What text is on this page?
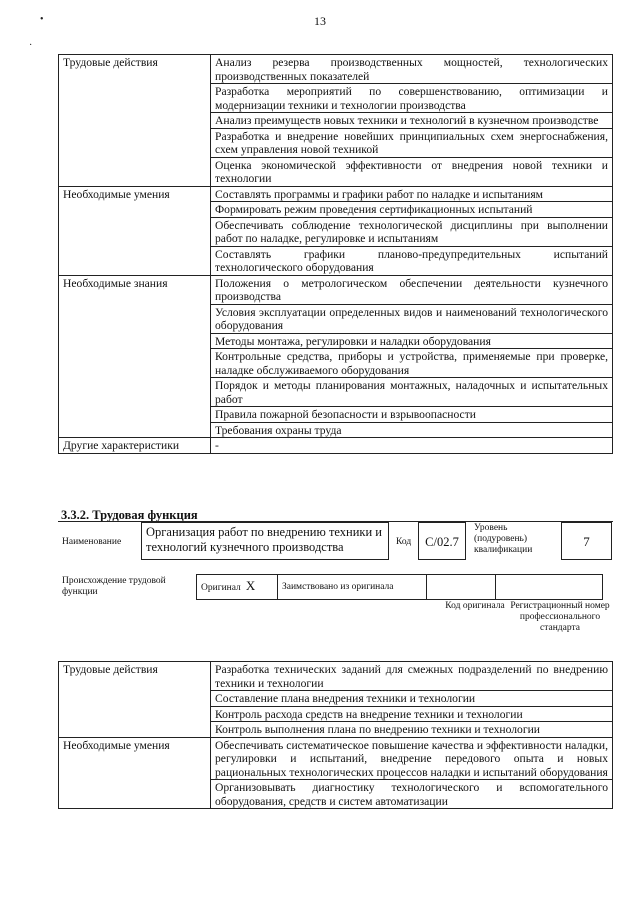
13
•
·
Трудовые действия	Анализ резерва производственных мощностей, технологических производственных показателей
	Разработка мероприятий по совершенствованию, оптимизации и модернизации техники и технологии производства
	Анализ преимуществ новых техники и технологий в кузнечном производстве
	Разработка и внедрение новейших принципиальных схем энергоснабжения, схем управления новой техникой
	Оценка экономической эффективности от внедрения новой техники и технологии
Необходимые умения	Составлять программы и графики работ по наладке и испытаниям
	Формировать режим проведения сертификационных испытаний
	Обеспечивать соблюдение технологической дисциплины при выполнении работ по наладке, регулировке и испытаниям
	Составлять графики планово-предупредительных испытаний технологического оборудования
Необходимые знания	Положения о метрологическом обеспечении деятельности кузнечного производства
	Условия эксплуатации определенных видов и наименований технологического оборудования
	Методы монтажа, регулировки и наладки оборудования
	Контрольные средства, приборы и устройства, применяемые при проверке, наладке обслуживаемого оборудования
	Порядок и методы планирования монтажных, наладочных и испытательных работ
	Правила пожарной безопасности и взрывоопасности
	Требования охраны труда
Другие характеристики	-
3.3.2. Трудовая функция
Наименование
Организация работ по внедрению техники и технологий кузнечного производства	Код	С/02.7
Уровень (подуровень) квалификации
7
Происхождение трудовой функции	Оригинал X	Заимствовано из оригинала		
Код оригинала Регистрационный номер профессионального стандарта
Трудовые действия	Разработка технических заданий для смежных подразделений по внедрению техники и технологии
	Составление плана внедрения техники и технологии
	Контроль расхода средств на внедрение техники и технологии
	Контроль выполнения плана по внедрению техники и технологии
Необходимые умения	Обеспечивать систематическое повышение качества и эффективности наладки, регулировки и испытаний, внедрение передового опыта и новых рациональных технологических процессов наладки и испытаний оборудования
	Организовывать диагностику технологического и вспомогательного оборудования, средств и систем автоматизации
